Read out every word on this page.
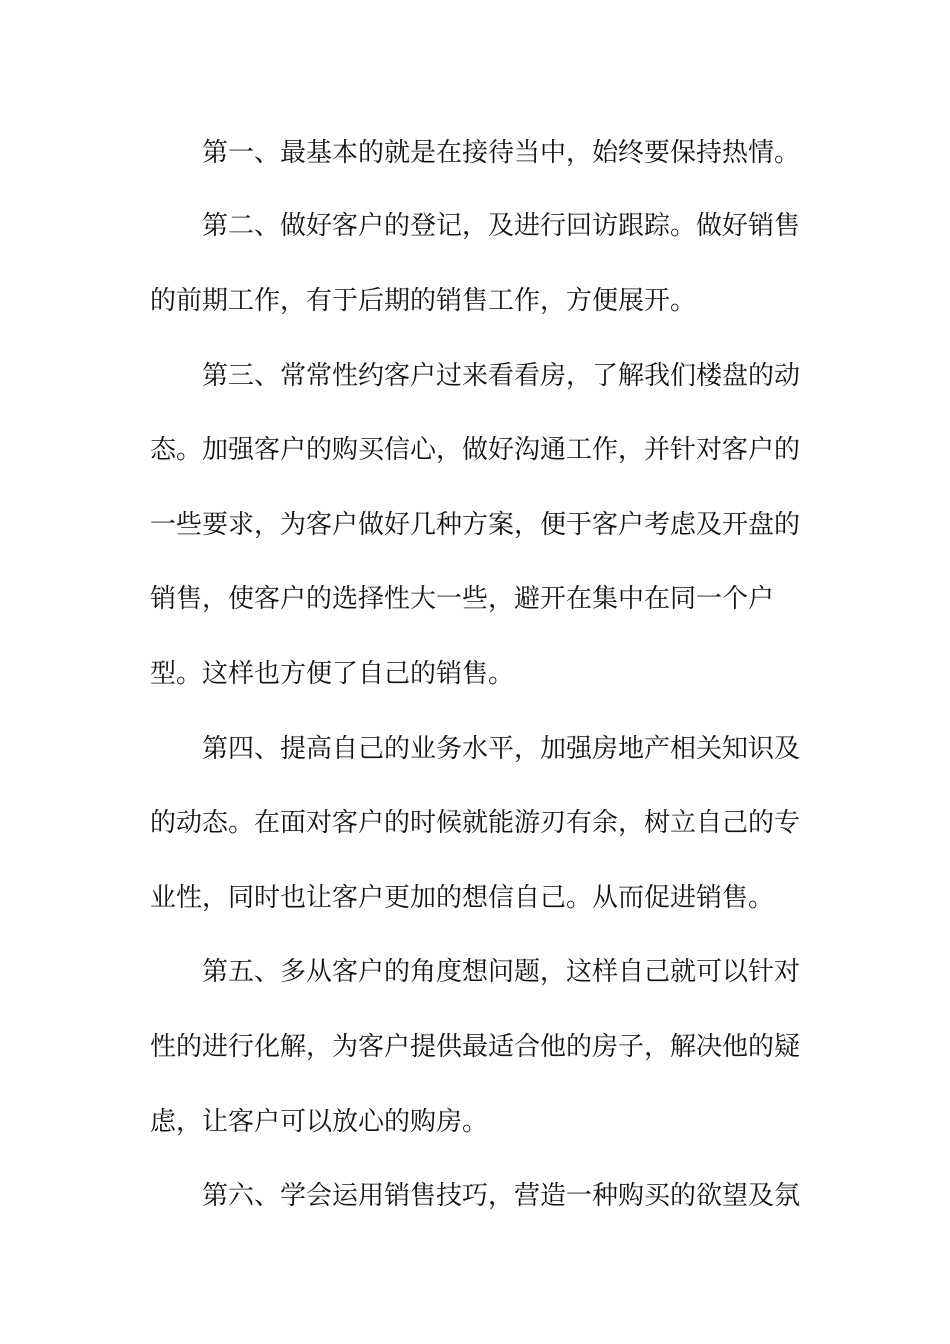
第一、最基本的就是在接待当中，始终要保持热情。
第二、做好客户的登记，及进行回访跟踪。做好销售
的前期工作，有于后期的销售工作，方便展开。
第三、常常性约客户过来看看房，了解我们楼盘的动
态。加强客户的购买信心，做好沟通工作，并针对客户的
一些要求，为客户做好几种方案，便于客户考虑及开盘的
销售，使客户的选择性大一些，避开在集中在同一个户
型。这样也方便了自己的销售。
第四、提高自己的业务水平，加强房地产相关知识及
的动态。在面对客户的时候就能游刃有余，树立自己的专
业性，同时也让客户更加的想信自己。从而促进销售。
第五、多从客户的角度想问题，这样自己就可以针对
性的进行化解，为客户提供最适合他的房子，解决他的疑
虑，让客户可以放心的购房。
第六、学会运用销售技巧，营造一种购买的欲望及氛
